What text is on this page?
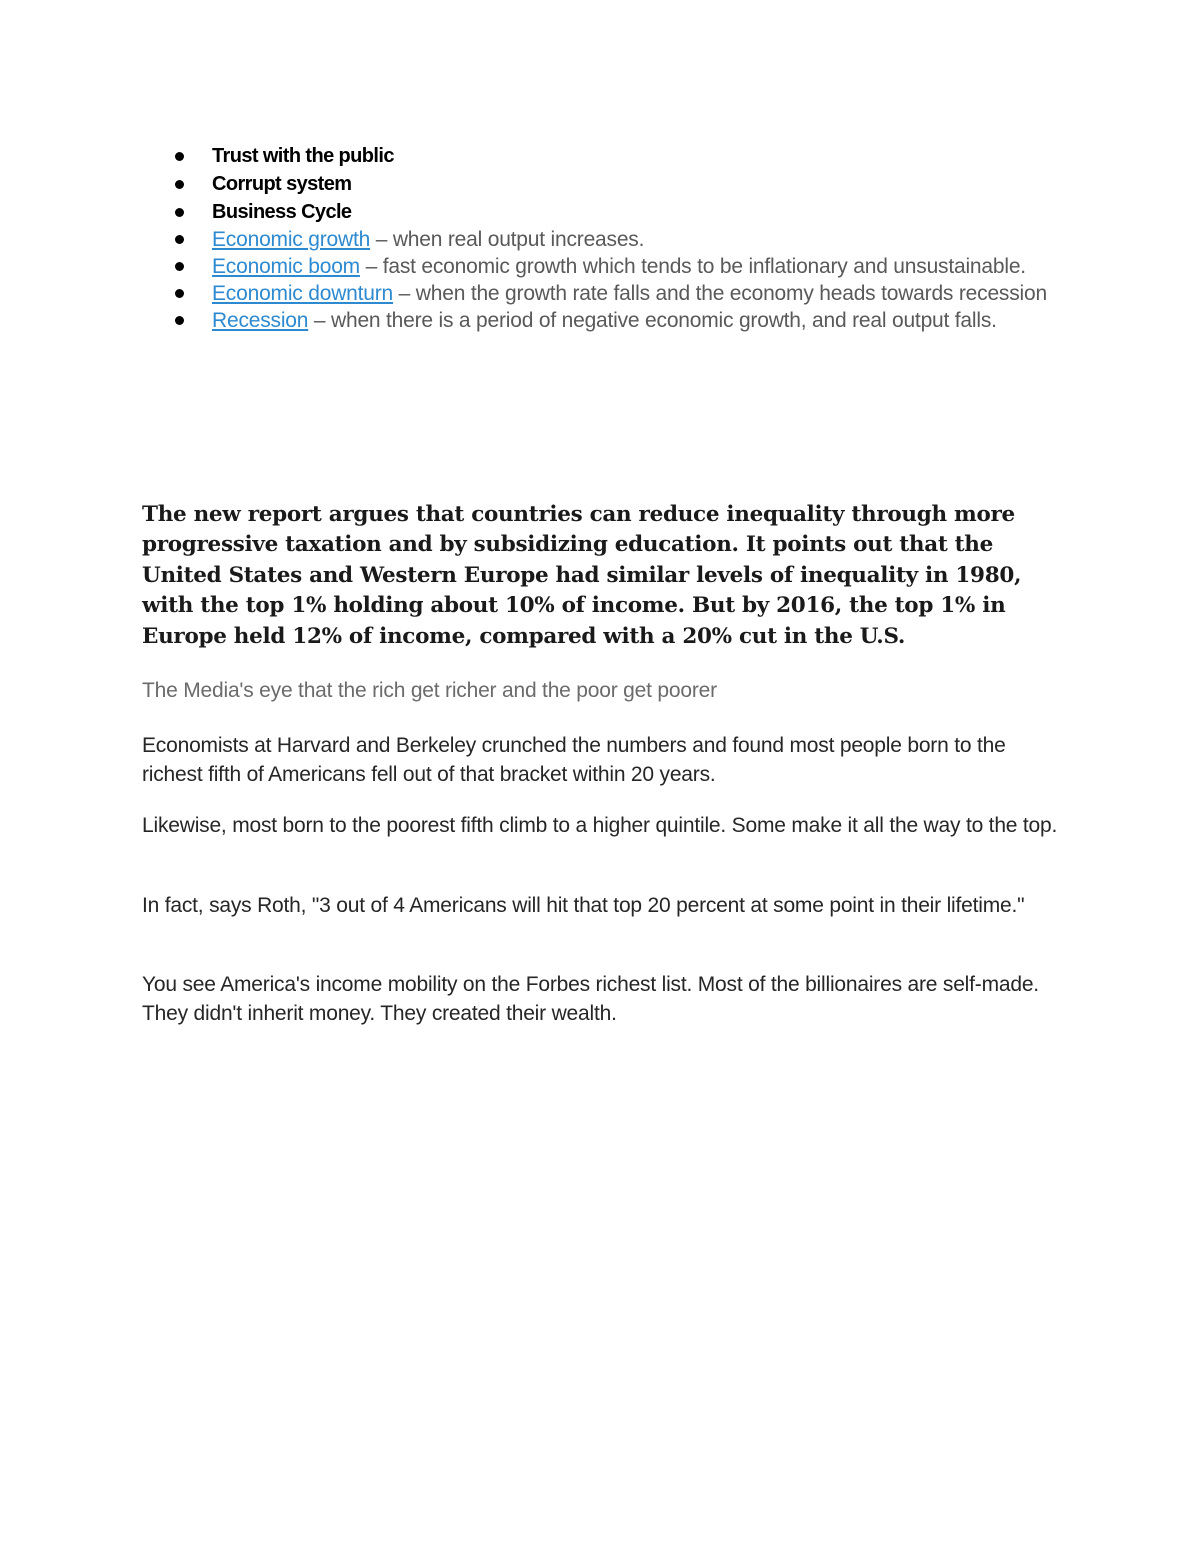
Trust with the public
Corrupt system
Business Cycle
Economic growth – when real output increases.
Economic boom – fast economic growth which tends to be inflationary and unsustainable.
Economic downturn – when the growth rate falls and the economy heads towards recession
Recession – when there is a period of negative economic growth, and real output falls.

The new report argues that countries can reduce inequality through more progressive taxation and by subsidizing education. It points out that the United States and Western Europe had similar levels of inequality in 1980, with the top 1% holding about 10% of income. But by 2016, the top 1% in Europe held 12% of income, compared with a 20% cut in the U.S.

The Media's eye that the rich get richer and the poor get poorer

Economists at Harvard and Berkeley crunched the numbers and found most people born to the richest fifth of Americans fell out of that bracket within 20 years.

Likewise, most born to the poorest fifth climb to a higher quintile. Some make it all the way to the top.

In fact, says Roth, "3 out of 4 Americans will hit that top 20 percent at some point in their lifetime."

You see America's income mobility on the Forbes richest list. Most of the billionaires are self-made. They didn't inherit money. They created their wealth.
